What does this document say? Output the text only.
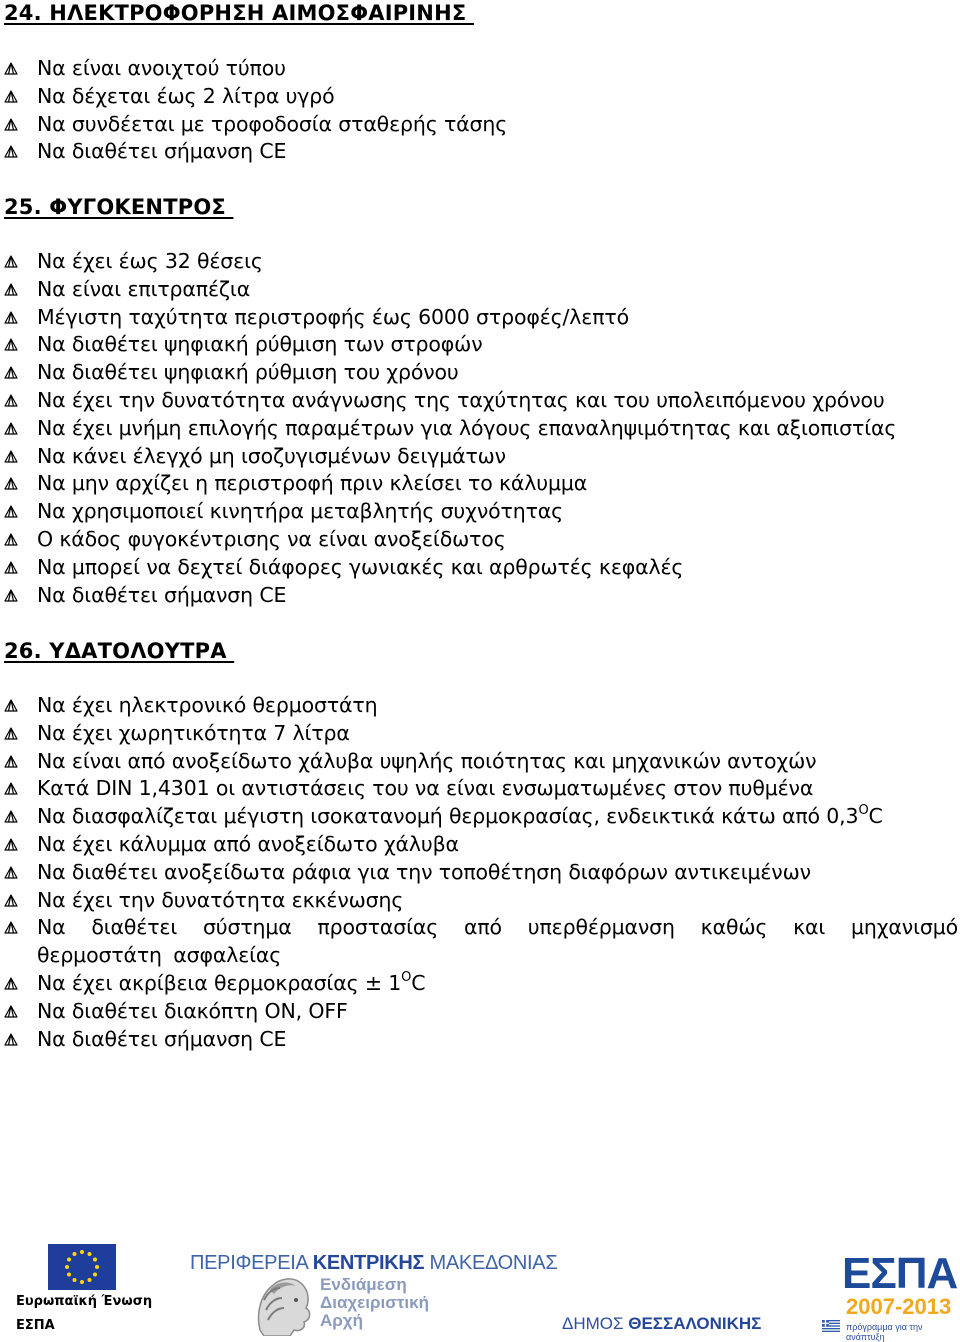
24. ΗΛΕΚΤΡΟΦΟΡΗΣΗ ΑΙΜΟΣΦΑΙΡΙΝΗΣ
Να είναι ανοιχτού τύπου
Να δέχεται έως 2 λίτρα υγρό
Να συνδέεται με τροφοδοσία σταθερής τάσης
Να διαθέτει σήμανση CE
25. ΦΥΓΟΚΕΝΤΡΟΣ
Να έχει έως 32 θέσεις
Να είναι επιτραπέζια
Μέγιστη ταχύτητα περιστροφής έως 6000 στροφές/λεπτό
Να διαθέτει ψηφιακή ρύθμιση των στροφών
Να διαθέτει ψηφιακή ρύθμιση του χρόνου
Να έχει την δυνατότητα ανάγνωσης της ταχύτητας και του υπολειπόμενου χρόνου
Να έχει μνήμη επιλογής παραμέτρων για λόγους επαναληψιμότητας και αξιοπιστίας
Να κάνει έλεγχό μη ισοζυγισμένων δειγμάτων
Να μην αρχίζει η περιστροφή πριν κλείσει το κάλυμμα
Να χρησιμοποιεί κινητήρα μεταβλητής συχνότητας
Ο κάδος φυγοκέντρισης να είναι ανοξείδωτος
Να μπορεί να δεχτεί διάφορες γωνιακές και αρθρωτές κεφαλές
Να διαθέτει σήμανση CE
26. ΥΔΑΤΟΛΟΥΤΡΑ
Να έχει ηλεκτρονικό θερμοστάτη
Να έχει χωρητικότητα 7 λίτρα
Να είναι από ανοξείδωτο χάλυβα υψηλής ποιότητας και μηχανικών αντοχών
Κατά DIN 1,4301 οι αντιστάσεις του να είναι ενσωματωμένες στον πυθμένα
Να διασφαλίζεται μέγιστη ισοκατανομή θερμοκρασίας, ενδεικτικά κάτω από $0,3^OC$
Να έχει κάλυμμα από ανοξείδωτο χάλυβα
Να διαθέτει ανοξείδωτα ράφια για την τοποθέτηση διαφόρων αντικειμένων
Να έχει την δυνατότητα εκκένωσης
Να διαθέτει σύστημα προστασίας από υπερθέρμανση καθώς και μηχανισμό θερμοστάτη ασφαλείας
Να έχει ακρίβεια $\theta\varepsilon\rho\mu o\kappa\rho\alpha\sigma ί\alpha\varsigma \pm 1^OC$
Να διαθέτει διακόπτη ON, OFF
Να διαθέτει σήμανση CE
Ευρωπαϊκή Ένωση
ΕΣΠΑ
ΠΕΡΙΦΕΡΕΙΑ ΚΕΝΤΡΙΚΗΣ ΜΑΚΕΔΟΝΙΑΣ
Ενδιάμεση
Διαχειριστική
Αρχή	ΔΗΜΟΣ ΘΕΣΣΑΛΟΝΙΚΗΣ
ΕΣΠΑ
2007-2013
πρόγραμμα για την ανάπτυξη
